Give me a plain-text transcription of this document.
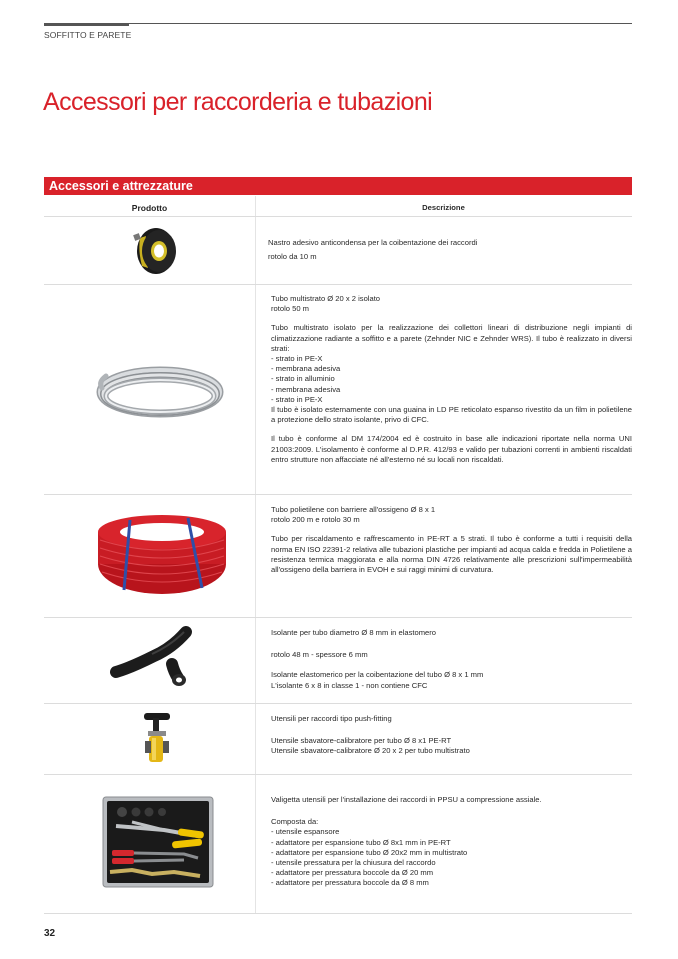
SOFFITTO E PARETE
Accessori per raccorderia e tubazioni
Accessori e attrezzature
Prodotto	Descrizione

Nastro adesivo anticondensa per la coibentazione dei raccordi

rotolo da 10 m

Tubo multistrato Ø 20 x 2 isolato
rotolo 50 m

Tubo multistrato isolato per la realizzazione dei collettori lineari di distribuzione negli impianti di climatizzazione radiante a soffitto e a parete (Zehnder NIC e Zehnder WRS). Il tubo è realizzato in diversi strati:

- strato in PE-X
- membrana adesiva
- strato in alluminio
- membrana adesiva
- strato in PE-X

Il tubo è isolato esternamente con una guaina in LD PE reticolato espanso rivestito da un film in polietilene a protezione dello strato isolante, privo di CFC.

Il tubo è conforme al DM 174/2004 ed è costruito in base alle indicazioni riportate nella norma UNI 21003:2009. L'isolamento è conforme al D.P.R. 412/93 e valido per tubazioni correnti in ambienti riscaldati entro strutture non affacciate né all'esterno né su locali non riscaldati.

Tubo polietilene con barriere all'ossigeno Ø 8 x 1
rotolo 200 m e rotolo 30 m

Tubo per riscaldamento e raffrescamento in PE-RT a 5 strati. Il tubo è conforme a tutti i requisiti della norma EN ISO 22391-2 relativa alle tubazioni plastiche per impianti ad acqua calda e fredda in Polietilene a resistenza termica maggiorata e alla norma DIN 4726 relativamente alle prescrizioni sull'impermeabilità all'ossigeno della barriera in EVOH e sui raggi minimi di curvatura.

Isolante per tubo diametro Ø 8 mm in elastomero

rotolo 48 m - spessore 6 mm

Isolante elastomerico per la coibentazione del tubo Ø 8 x 1 mm
L'isolante 6 x 8 in classe 1 - non contiene CFC

Utensili per raccordi tipo push-fitting

Utensile sbavatore-calibratore per tubo Ø 8 x1 PE-RT
Utensile sbavatore-calibratore Ø 20 x 2 per tubo multistrato

Valigetta utensili per l'installazione dei raccordi in PPSU a compressione assiale.

Composta da:

- utensile espansore
- adattatore per espansione tubo Ø 8x1 mm in PE-RT
- adattatore per espansione tubo Ø 20x2 mm in multistrato
- utensile pressatura per la chiusura del raccordo
- adattatore per pressatura boccole da Ø 20 mm
- adattatore per pressatura boccole da Ø 8 mm
32
